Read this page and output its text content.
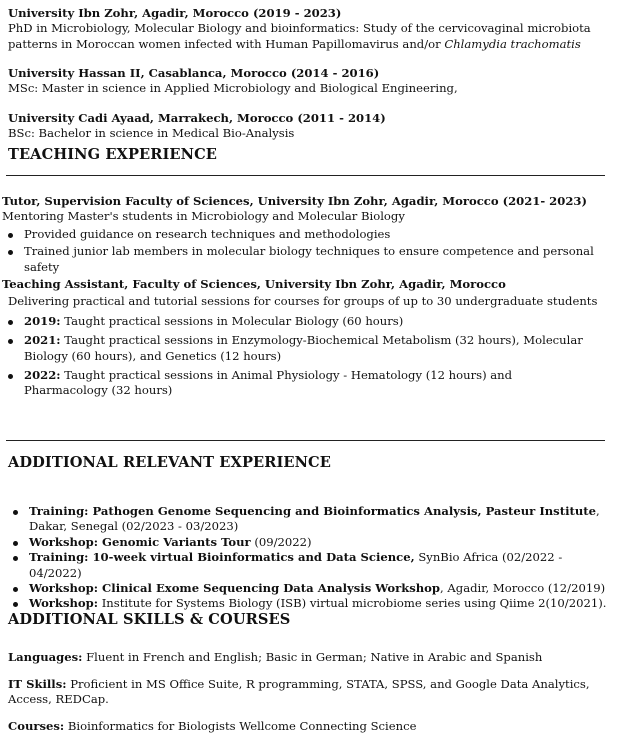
University Ibn Zohr, Agadir, Morocco (2019 - 2023)
PhD in Microbiology, Molecular Biology and bioinformatics: Study of the cervicovaginal microbiota patterns in Moroccan women infected with Human Papillomavirus and/or Chlamydia trachomatis
University Hassan II, Casablanca, Morocco (2014 - 2016)
MSc: Master in science in Applied Microbiology and Biological Engineering,
University Cadi Ayaad, Marrakech, Morocco (2011 - 2014)
BSc: Bachelor in science in Medical Bio-Analysis
TEACHING EXPERIENCE
Tutor, Supervision Faculty of Sciences, University Ibn Zohr, Agadir, Morocco (2021- 2023)
Mentoring Master's students in Microbiology and Molecular Biology
Provided guidance on research techniques and methodologies
Trained junior lab members in molecular biology techniques to ensure competence and personal safety
Teaching Assistant, Faculty of Sciences, University Ibn Zohr, Agadir, Morocco
Delivering practical and tutorial sessions for courses for groups of up to 30 undergraduate students
2019: Taught practical sessions in Molecular Biology (60 hours)
2021: Taught practical sessions in Enzymology-Biochemical Metabolism (32 hours), Molecular Biology (60 hours), and Genetics (12 hours)
2022: Taught practical sessions in Animal Physiology - Hematology (12 hours) and Pharmacology (32 hours)
ADDITIONAL RELEVANT EXPERIENCE
Training: Pathogen Genome Sequencing and Bioinformatics Analysis, Pasteur Institute, Dakar, Senegal (02/2023 - 03/2023)
Workshop: Genomic Variants Tour (09/2022)
Training: 10-week virtual Bioinformatics and Data Science, SynBio Africa (02/2022 - 04/2022)
Workshop: Clinical Exome Sequencing Data Analysis Workshop, Agadir, Morocco (12/2019)
Workshop: Institute for Systems Biology (ISB) virtual microbiome series using Qiime 2(10/2021).
ADDITIONAL SKILLS & COURSES
Languages: Fluent in French and English; Basic in German; Native in Arabic and Spanish
IT Skills: Proficient in MS Office Suite, R programming, STATA, SPSS, and Google Data Analytics, Access, REDCap.
Courses: Bioinformatics for Biologists Wellcome Connecting Science
